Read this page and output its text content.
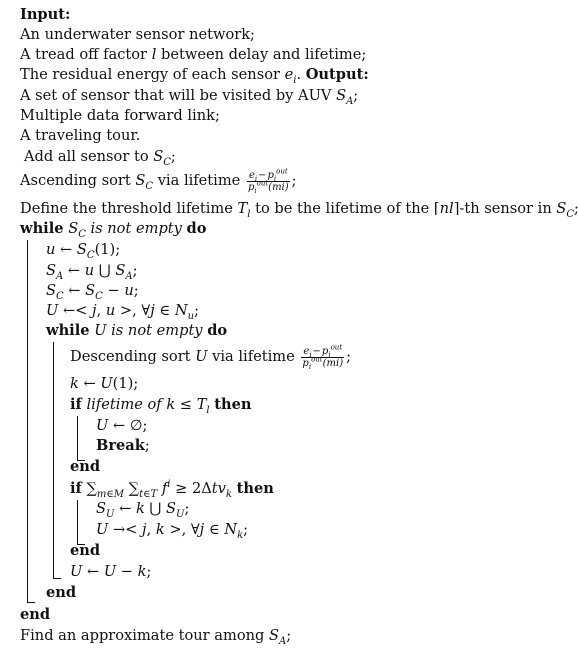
Input:
An underwater sensor network;
A tread off factor l between delay and lifetime;
The residual energy of each sensor $e_i$. Output:
A set of sensor that will be visited by AUV $S_A$;
Multiple data forward link;
A traveling tour.
Add all sensor to $S_C$;
Ascending sort $S_C$ via lifetime $\frac{e_i - p_i^{out}}{p_i^{out}(mi)}$ ;
Define the threshold lifetime $T_l$ to be the lifetime of the ⌈nl⌉-th sensor in $S_C$;
while $S_C$ is not empty do
u ← $S_C(1)$;
$S_A$ ← u ⋃ $S_A$;
$S_C$ ← $S_C - u$;
U ←< j, u >, ∀j ∈ $N_u$;
while U is not empty do
Descending sort U via lifetime $\frac{e_i - p_i^{out}}{p_i^{out}(mi)}$ ;
k ← U(1);
if lifetime of $k \le T_l$ then
U ← ∅;
Break;
end
if $\sum_{m\in M}$ $\sum_{t\in T}$ $f^i \ge 2\Delta tv_k$ then
$S_U$ ← k ⋃ $S_U$;
U →< j, k >, ∀j ∈ $N_k$;
end
U ← U − k;
end
end
Find an approximate tour among $S_A$;
